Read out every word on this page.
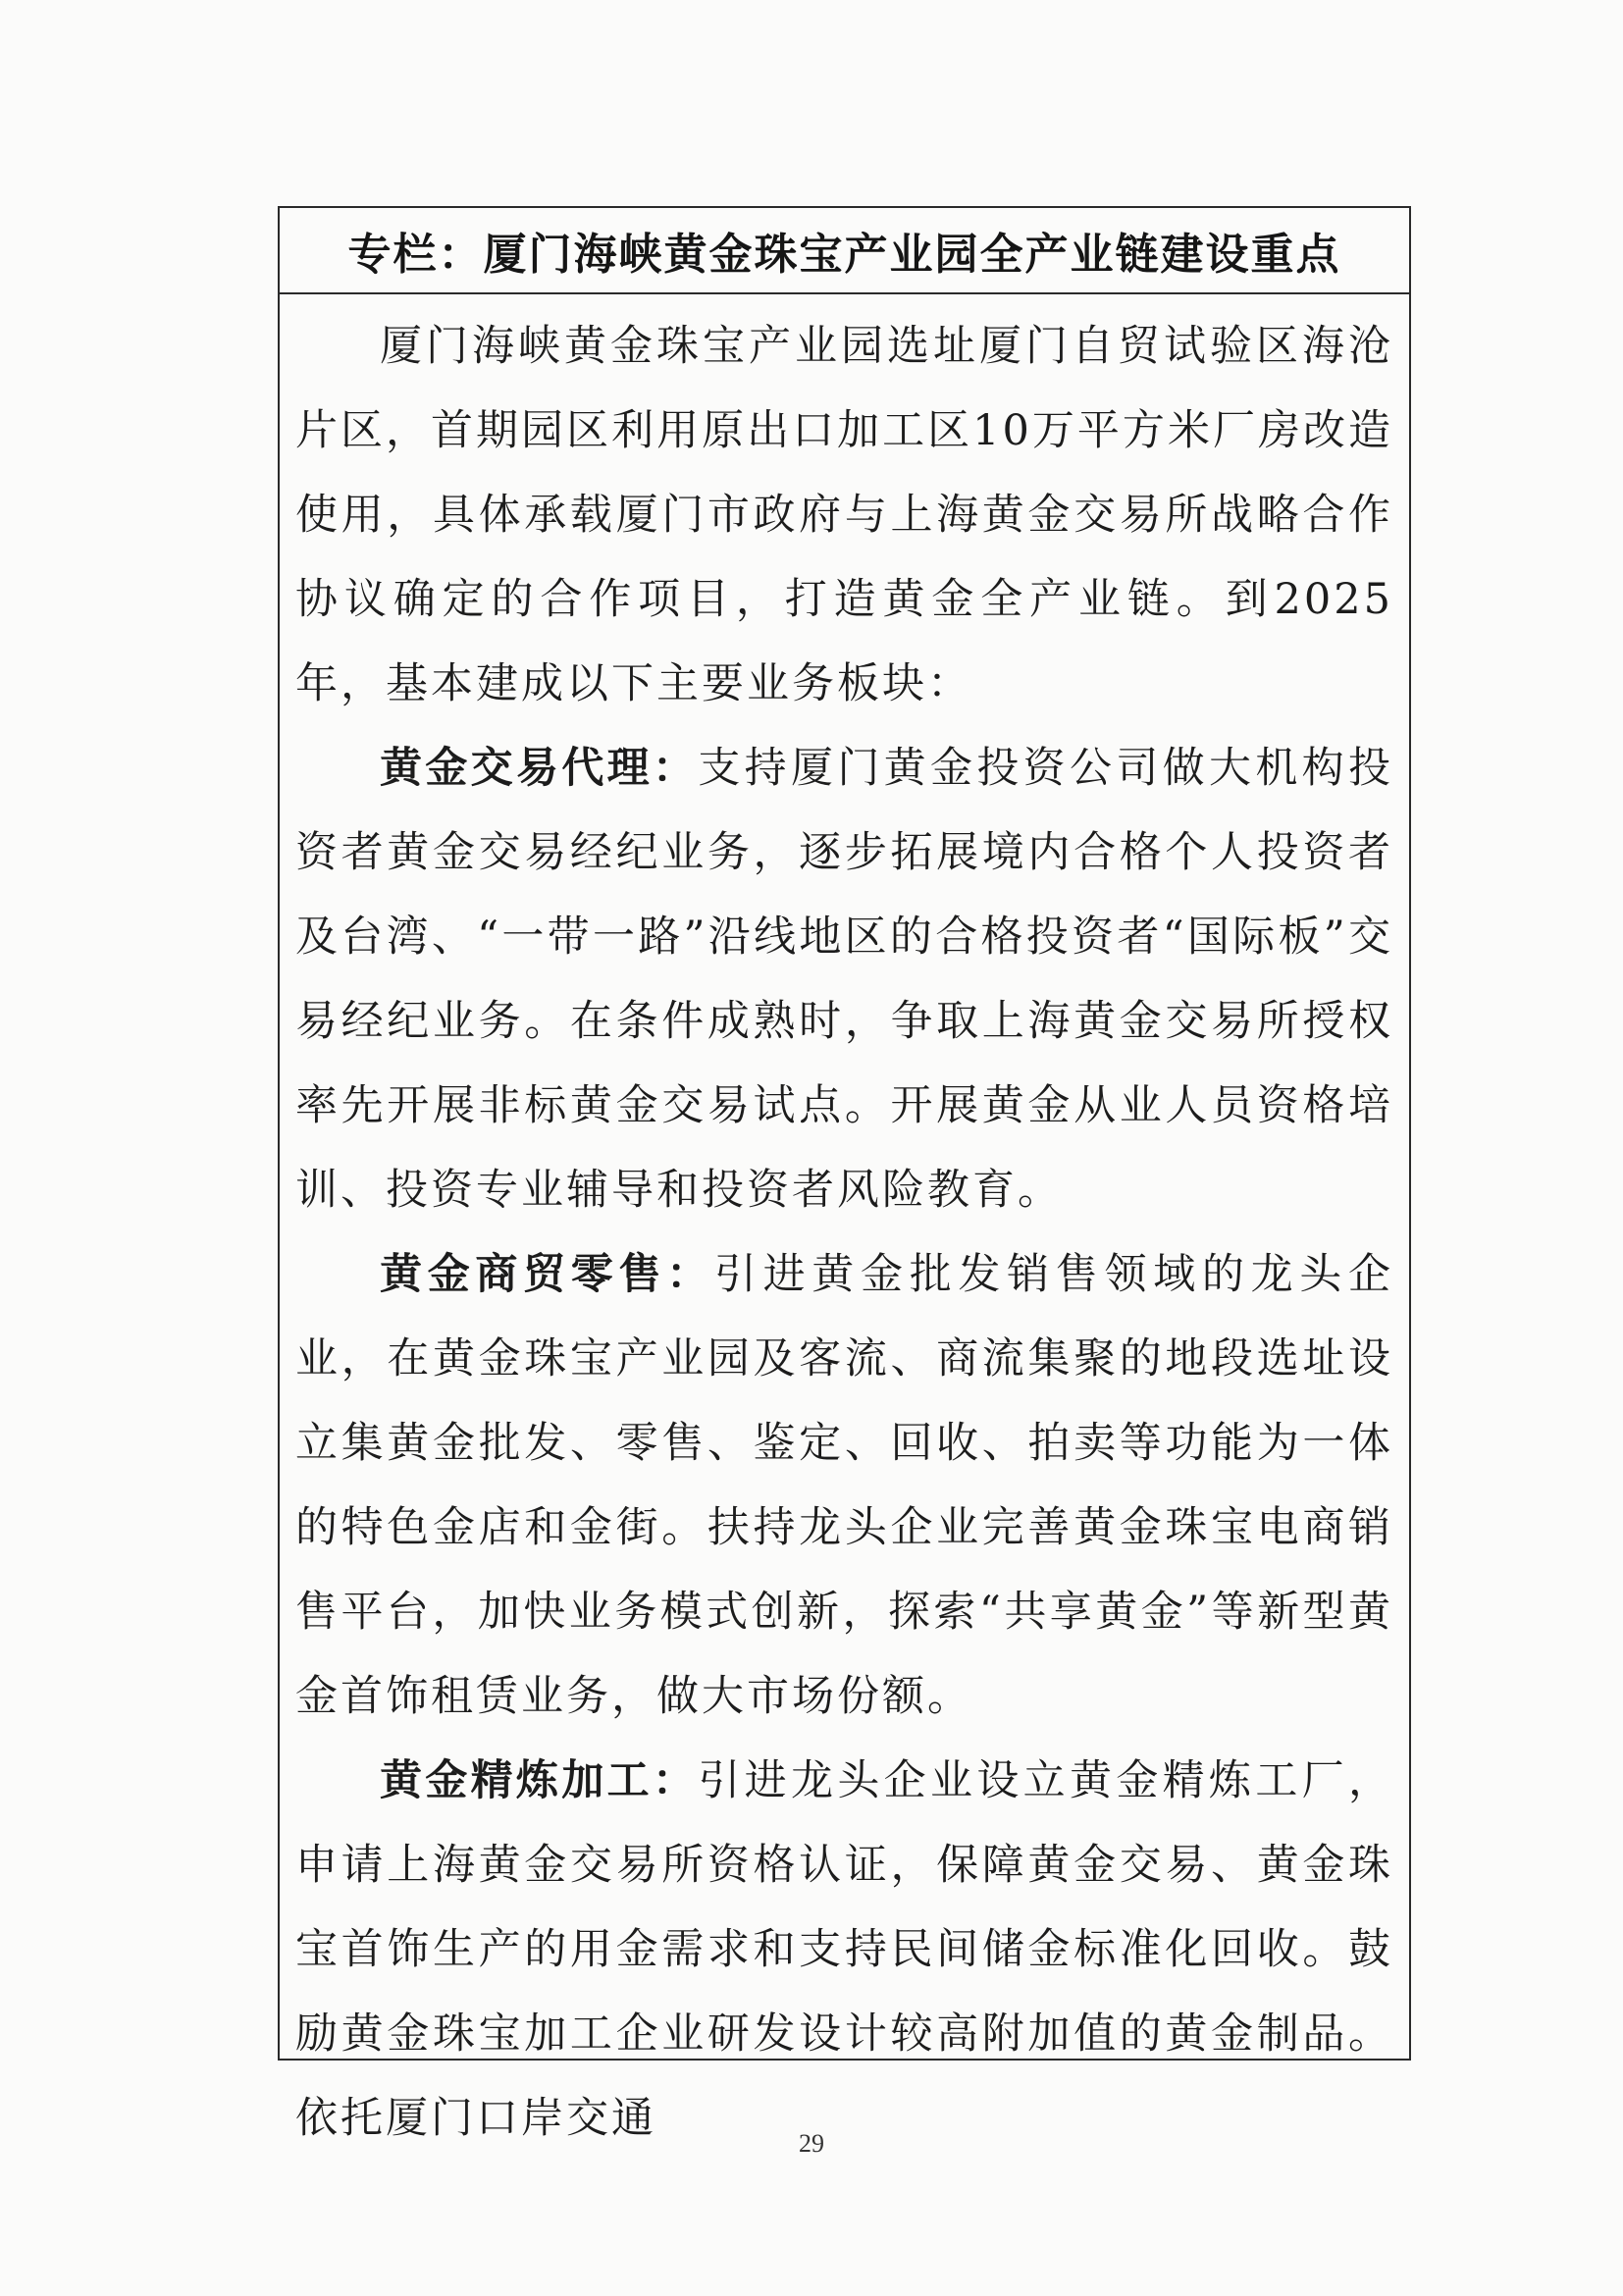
专栏：厦门海峡黄金珠宝产业园全产业链建设重点

厦门海峡黄金珠宝产业园选址厦门自贸试验区海沧片区，首期园区利用原出口加工区10万平方米厂房改造使用，具体承载厦门市政府与上海黄金交易所战略合作协议确定的合作项目，打造黄金全产业链。到2025年，基本建成以下主要业务板块：

黄金交易代理：支持厦门黄金投资公司做大机构投资者黄金交易经纪业务，逐步拓展境内合格个人投资者及台湾、“一带一路”沿线地区的合格投资者“国际板”交易经纪业务。在条件成熟时，争取上海黄金交易所授权率先开展非标黄金交易试点。开展黄金从业人员资格培训、投资专业辅导和投资者风险教育。

黄金商贸零售：引进黄金批发销售领域的龙头企业，在黄金珠宝产业园及客流、商流集聚的地段选址设立集黄金批发、零售、鉴定、回收、拍卖等功能为一体的特色金店和金街。扶持龙头企业完善黄金珠宝电商销售平台，加快业务模式创新，探索“共享黄金”等新型黄金首饰租赁业务，做大市场份额。

黄金精炼加工：引进龙头企业设立黄金精炼工厂，申请上海黄金交易所资格认证，保障黄金交易、黄金珠宝首饰生产的用金需求和支持民间储金标准化回收。鼓励黄金珠宝加工企业研发设计较高附加值的黄金制品。依托厦门口岸交通

29
